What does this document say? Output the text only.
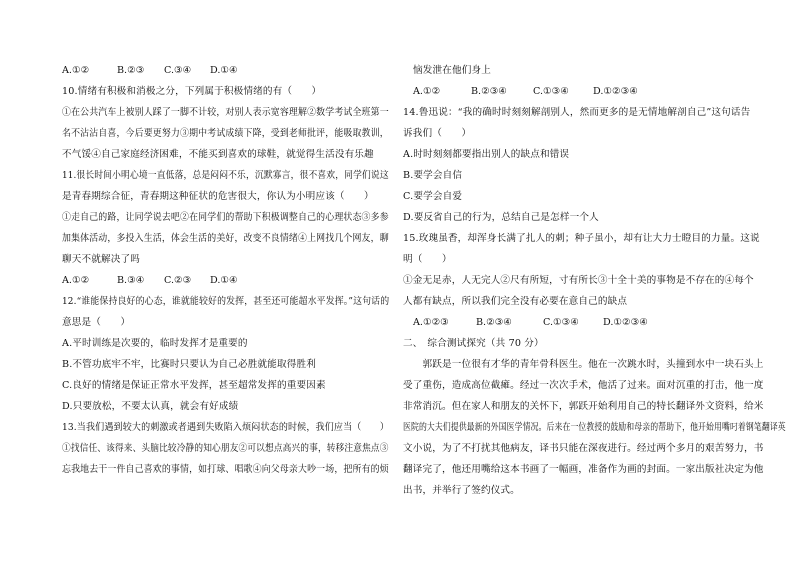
A.①②	B.②③ C.③④ D.①④
10.情绪有积极和消极之分，下列属于积极情绪的有（　　）
①在公共汽车上被别人踩了一脚不计较，对别人表示宽容理解②数学考试全班第一
名不沾沾自喜，今后要更努力③期中考试成绩下降，受到老师批评，能吸取教训，
不气馁④自己家庭经济困难，不能买到喜欢的球鞋，就觉得生活没有乐趣
11.很长时间小明心境一直低落，总是闷闷不乐，沉默寡言，很不喜欢，同学们说这
是青春期综合征，青春期这种征状的危害很大，你认为小明应该（　　）
①走自己的路，让同学说去吧②在同学们的帮助下积极调整自己的心理状态③多参
加集体活动，多投入生活，体会生活的美好，改变不良情绪④上网找几个网友，聊
聊天不就解决了吗
A.①②	B.③④ C.②③ D.①④
12.“谁能保持良好的心态，谁就能较好的发挥，甚至还可能超水平发挥。”这句话的
意思是（　　）
A.平时训练是次要的，临时发挥才是重要的
B.不管功底牢不牢，比赛时只要认为自己必胜就能取得胜利
C.良好的情绪是保证正常水平发挥，甚至超常发挥的重要因素
D.只要放松，不要太认真，就会有好成绩
13.当我们遇到较大的刺激或者遇到失败陷入烦闷状态的时候，我们应当（　　）
①找信任、该得来、头脑比较冷静的知心朋友②可以想点高兴的事，转移注意焦点③
忘我地去干一件自己喜欢的事情，如打球、唱歌④向父母亲大吵一场，把所有的烦
恼发泄在他们身上
A.①②	B.②③④	C.①③④	D.①②③④
14.鲁迅说：“我的确时时刻刻解剖别人，然而更多的是无情地解剖自己”这句话告
诉我们（　　）
A.时时刻刻都要指出别人的缺点和错误
B.要学会自信
C.要学会自爱
D.要反省自己的行为，总结自己是怎样一个人
15.玫瑰虽香，却浑身长满了扎人的刺；种子虽小，却有让大力士瞪目的力量。这说
明（　　）
①金无足赤，人无完人②尺有所短，寸有所长③十全十美的事物是不存在的④每个
人都有缺点，所以我们完全没有必要在意自己的缺点
A.①②③	B.②③④	C.①③④	D.①②③④
二、　综合测试探究（共 70 分）
　　郭跃是一位很有才华的青年骨科医生。他在一次跳水时，头撞到水中一块石头上
受了重伤，造成高位截瘫。经过一次次手术，他活了过来。面对沉重的打击，他一度
非常消沉。但在家人和朋友的关怀下，郭跃开始利用自己的特长翻译外文资料，给米
医院的大夫们提供最新的外国医学情况。后来在一位教授的鼓励和母亲的帮助下，他开始用嘴叼着钢笔翻译英
文小说，为了不打扰其他病友，译书只能在深夜进行。经过两个多月的艰苦努力，书
翻译完了，他还用嘴给这本书画了一幅画，准备作为画的封面。一家出版社决定为他
出书，并举行了签约仪式。
